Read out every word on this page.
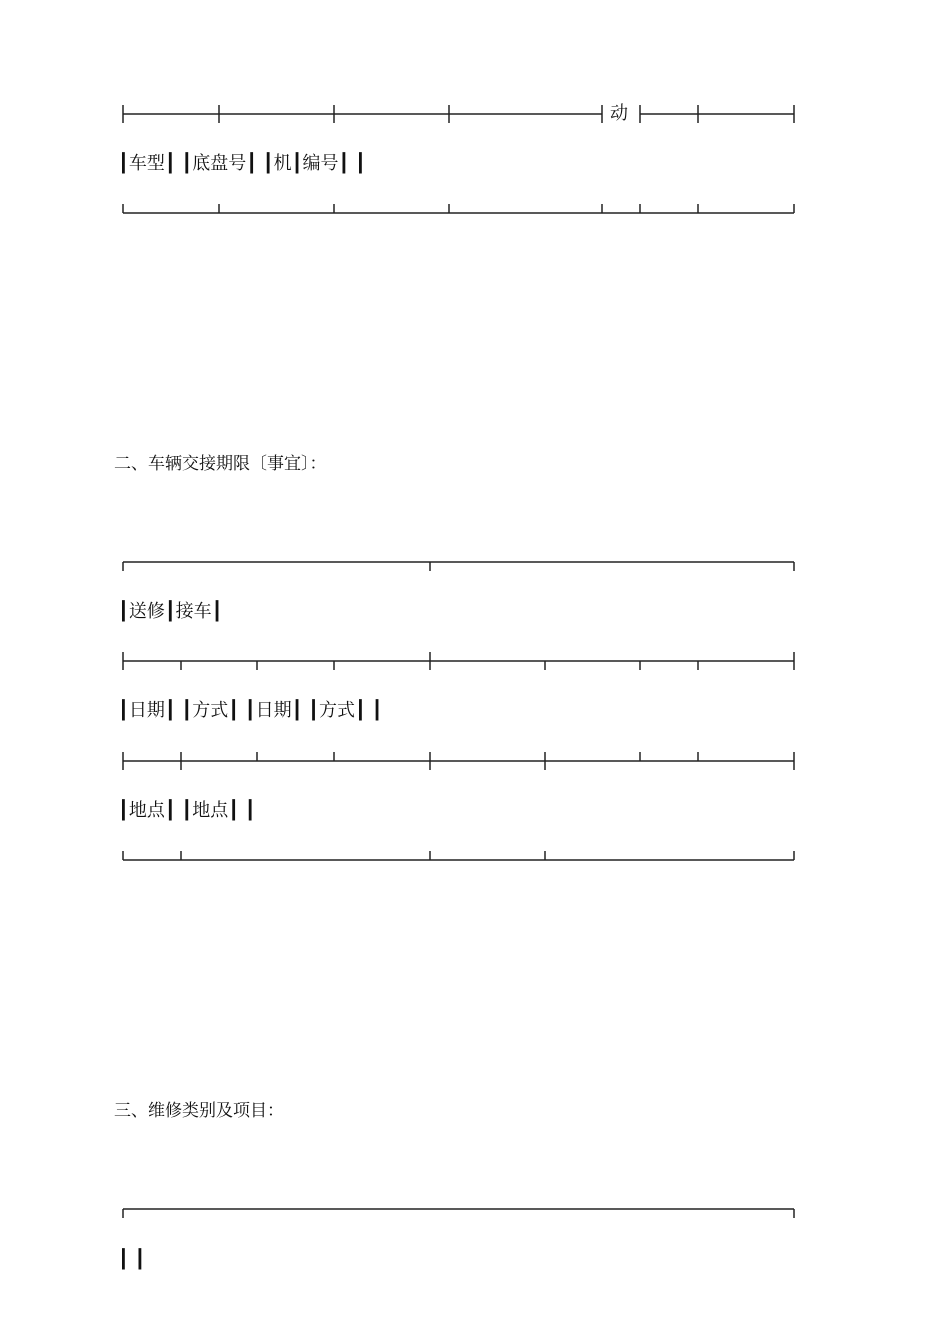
动
┃车型┃ ┃底盘号┃ ┃机┃编号┃ ┃
二、车辆交接期限〔事宜〕：
┃送修┃接车┃
┃日期┃ ┃方式┃ ┃日期┃ ┃方式┃ ┃
┃地点┃ ┃地点┃ ┃
三、维修类别及项目：
┃ ┃
